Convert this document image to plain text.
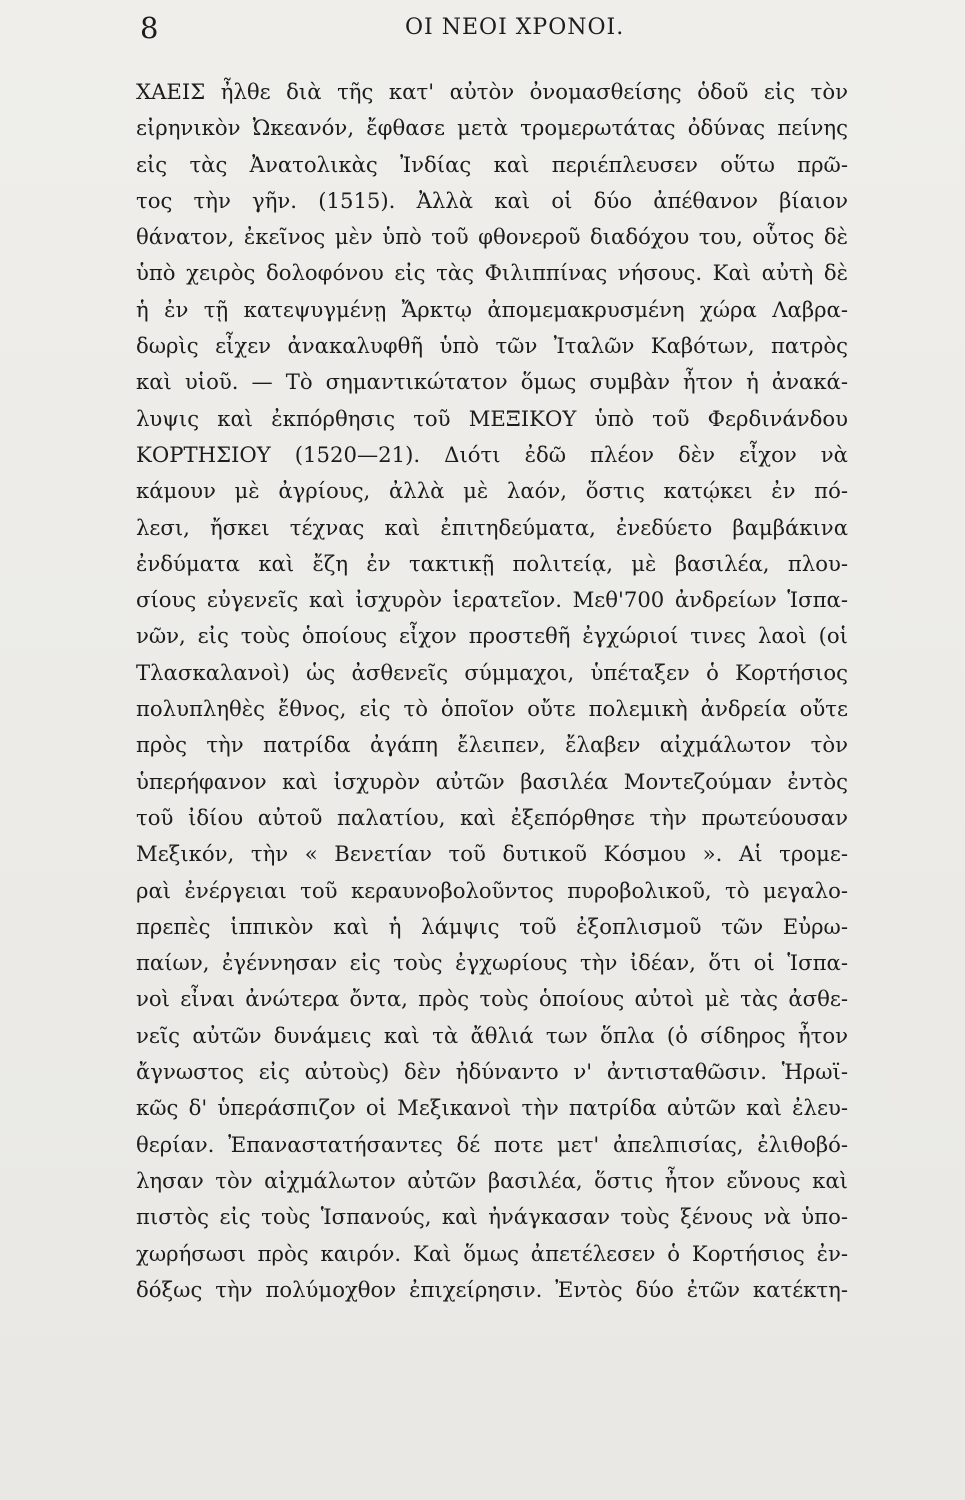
8	ΟΙ ΝΕΟΙ ΧΡΟΝΟΙ.
ΧΑΕΙΣ ἦλθε διὰ τῆς κατ' αὐτὸν ὀνομασθείσης ὁδοῦ εἰς τὸν
εἰρηνικὸν Ὠκεανόν, ἔφθασε μετὰ τρομερωτάτας ὀδύνας πείνης
εἰς τὰς Ἀνατολικὰς Ἰνδίας καὶ περιέπλευσεν οὕτω πρῶ-
τος τὴν γῆν. (1515). Ἀλλὰ καὶ οἱ δύο ἀπέθανον βίαιον
θάνατον, ἐκεῖνος μὲν ὑπὸ τοῦ φθονεροῦ διαδόχου του, οὗτος δὲ
ὑπὸ χειρὸς δολοφόνου εἰς τὰς Φιλιππίνας νήσους. Καὶ αὐτὴ δὲ
ἡ ἐν τῇ κατεψυγμένῃ Ἄρκτῳ ἀπομεμακρυσμένη χώρα Λαβρα-
δωρὶς εἶχεν ἀνακαλυφθῆ ὑπὸ τῶν Ἰταλῶν Καβότων, πατρὸς
καὶ υἱοῦ. — Τὸ σημαντικώτατον ὅμως συμβὰν ἦτον ἡ ἀνακά-
λυψις καὶ ἐκπόρθησις τοῦ ΜΕΞΙΚΟΥ ὑπὸ τοῦ Φερδινάνδου
ΚΟΡΤΗΣΙΟΥ (1520—21). Διότι ἐδῶ πλέον δὲν εἶχον νὰ
κάμουν μὲ ἀγρίους, ἀλλὰ μὲ λαόν, ὅστις κατῴκει ἐν πό-
λεσι, ἤσκει τέχνας καὶ ἐπιτηδεύματα, ἐνεδύετο βαμβάκινα
ἐνδύματα καὶ ἔζη ἐν τακτικῇ πολιτείᾳ, μὲ βασιλέα, πλου-
σίους εὐγενεῖς καὶ ἰσχυρὸν ἱερατεῖον. Μεθ'700 ἀνδρείων Ἱσπα-
νῶν, εἰς τοὺς ὁποίους εἶχον προστεθῆ ἐγχώριοί τινες λαοὶ (οἱ
Τλασκαλανοὶ) ὡς ἀσθενεῖς σύμμαχοι, ὑπέταξεν ὁ Κορτήσιος
πολυπληθὲς ἔθνος, εἰς τὸ ὁποῖον οὔτε πολεμικὴ ἀνδρεία οὔτε
πρὸς τὴν πατρίδα ἀγάπη ἔλειπεν, ἔλαβεν αἰχμάλωτον τὸν
ὑπερήφανον καὶ ἰσχυρὸν αὐτῶν βασιλέα Μοντεζούμαν ἐντὸς
τοῦ ἰδίου αὐτοῦ παλατίου, καὶ ἐξεπόρθησε τὴν πρωτεύουσαν
Μεξικόν, τὴν « Βενετίαν τοῦ δυτικοῦ Κόσμου ». Αἱ τρομε-
ραὶ ἐνέργειαι τοῦ κεραυνοβολοῦντος πυροβολικοῦ, τὸ μεγαλο-
πρεπὲς ἱππικὸν καὶ ἡ λάμψις τοῦ ἐξοπλισμοῦ τῶν Εὐρω-
παίων, ἐγέννησαν εἰς τοὺς ἐγχωρίους τὴν ἰδέαν, ὅτι οἱ Ἱσπα-
νοὶ εἶναι ἀνώτερα ὄντα, πρὸς τοὺς ὁποίους αὐτοὶ μὲ τὰς ἀσθε-
νεῖς αὐτῶν δυνάμεις καὶ τὰ ἄθλιά των ὅπλα (ὁ σίδηρος ἦτον
ἄγνωστος εἰς αὐτοὺς) δὲν ἠδύναντο ν' ἀντισταθῶσιν. Ἡρωϊ-
κῶς δ' ὑπεράσπιζον οἱ Μεξικανοὶ τὴν πατρίδα αὐτῶν καὶ ἐλευ-
θερίαν. Ἐπαναστατήσαντες δέ ποτε μετ' ἀπελπισίας, ἐλιθοβό-
λησαν τὸν αἰχμάλωτον αὐτῶν βασιλέα, ὅστις ἦτον εὔνους καὶ
πιστὸς εἰς τοὺς Ἱσπανούς, καὶ ἠνάγκασαν τοὺς ξένους νὰ ὑπο-
χωρήσωσι πρὸς καιρόν. Καὶ ὅμως ἀπετέλεσεν ὁ Κορτήσιος ἐν-
δόξως τὴν πολύμοχθον ἐπιχείρησιν. Ἐντὸς δύο ἐτῶν κατέκτη-
